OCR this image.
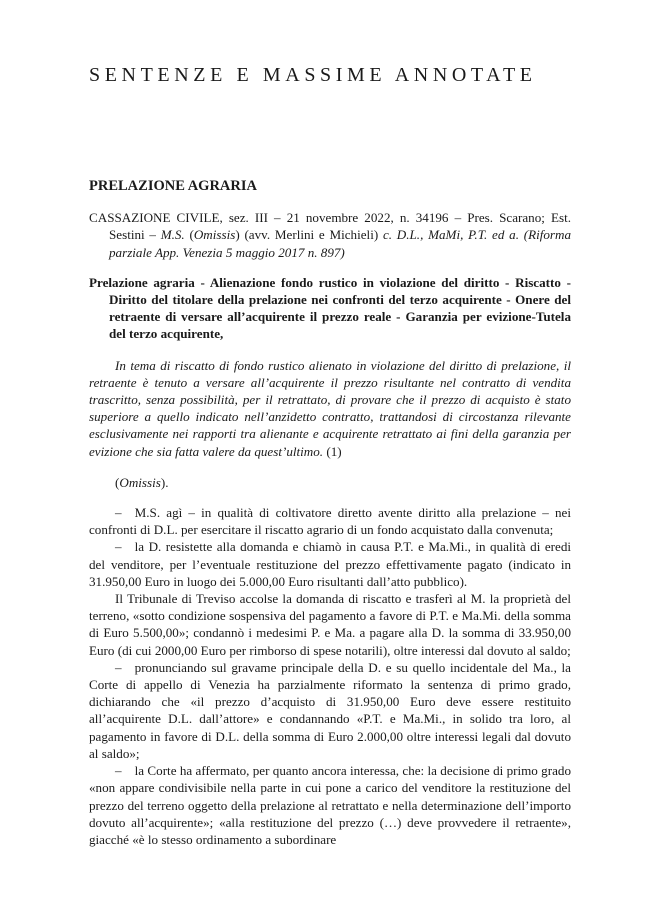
SENTENZE E MASSIME ANNOTATE
PRELAZIONE AGRARIA

CASSAZIONE CIVILE, sez. III – 21 novembre 2022, n. 34196 – Pres. Scarano; Est. Sestini – M.S. (Omissis) (avv. Merlini e Michieli) c. D.L., MaMi, P.T. ed a. (Riforma parziale App. Venezia 5 maggio 2017 n. 897)

Prelazione agraria - Alienazione fondo rustico in violazione del diritto - Riscatto - Diritto del titolare della prelazione nei confronti del terzo acquirente - Onere del retraente di versare all’acquirente il prezzo reale - Garanzia per evizione-Tutela del terzo acquirente,

In tema di riscatto di fondo rustico alienato in violazione del diritto di prelazione, il retraente è tenuto a versare all’acquirente il prezzo risultante nel contratto di vendita trascritto, senza possibilità, per il retrattato, di provare che il prezzo di acquisto è stato superiore a quello indicato nell’anzidetto contratto, trattandosi di circostanza rilevante esclusivamente nei rapporti tra alienante e acquirente retrattato ai fini della garanzia per evizione che sia fatta valere da quest’ultimo. (1)

(Omissis).

– M.S. agì – in qualità di coltivatore diretto avente diritto alla prelazione – nei confronti di D.L. per esercitare il riscatto agrario di un fondo acquistato dalla convenuta;

– la D. resistette alla domanda e chiamò in causa P.T. e Ma.Mi., in qualità di eredi del venditore, per l’eventuale restituzione del prezzo effettivamente pagato (indicato in 31.950,00 Euro in luogo dei 5.000,00 Euro risultanti dall’atto pubblico).

Il Tribunale di Treviso accolse la domanda di riscatto e trasferì al M. la proprietà del terreno, «sotto condizione sospensiva del pagamento a favore di P.T. e Ma.Mi. della somma di Euro 5.500,00»; condannò i medesimi P. e Ma. a pagare alla D. la somma di 33.950,00 Euro (di cui 2000,00 Euro per rimborso di spese notarili), oltre interessi dal dovuto al saldo;

– pronunciando sul gravame principale della D. e su quello incidentale del Ma., la Corte di appello di Venezia ha parzialmente riformato la sentenza di primo grado, dichiarando che «il prezzo d’acquisto di 31.950,00 Euro deve essere restituito all’acquirente D.L. dall’attore» e condannando «P.T. e Ma.Mi., in solido tra loro, al pagamento in favore di D.L. della somma di Euro 2.000,00 oltre interessi legali dal dovuto al saldo»;

– la Corte ha affermato, per quanto ancora interessa, che: la decisione di primo grado «non appare condivisibile nella parte in cui pone a carico del venditore la restituzione del prezzo del terreno oggetto della prelazione al retrattato e nella determinazione dell’importo dovuto all’acquirente»; «alla restituzione del prezzo (…) deve provvedere il retraente», giacché «è lo stesso ordinamento a subordinare
